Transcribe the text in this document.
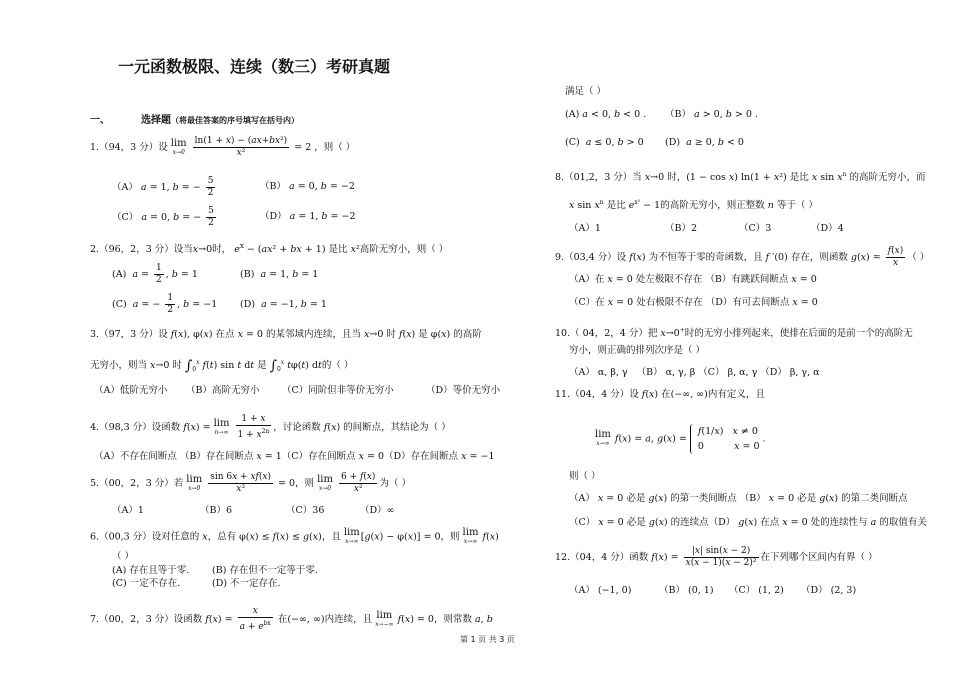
一元函数极限、连续（数三）考研真题
一、	选择题（将最佳答案的序号填写在括号内）
1.（94，3 分）设 lim
x→0
$\frac{\text{ln(1 + x) − (ax+bx²)}}{\text{x²}} = 2$ ，则（ ）
（A） a = 1, b = − $\frac{5}{2}$	（B） a = 0, b = −2
（C） a = 0, b = − $\frac{5}{2}$	（D） a = 1, b = −2
2.（96，2，3 分）设当x→0时， $e^x - (ax^2$ + bx + 1) 是比 x²高阶无穷小，则（ ）
(A)  $a = \frac{1}{2}$ , b = 1	(B)  a = 1, b = 1
(C)  a = − $\frac{1}{2}$ , b = −1 (D)  a = −1, b = 1
3.（97，3 分）设 f(x), φ(x) 在点 x = 0 的某邻域内连续，且当 x→0 时 f(x) 是 φ(x) 的高阶
无穷小，则当 x→0 时 $\int_0^x$ f(t) sin t dt 是 $\int_0^x$ tφ(t) dt的（ ）
（A）低阶无穷小 （B）高阶无穷小 （C）同阶但非等价无穷小	（D）等价无穷小
4.（98,3 分）设函数 f(x) = lim
n→∞
$\frac{1 + x}{1 + x^{2n}}$ ，讨论函数 f(x) 的间断点，其结论为（ ）
（A）不存在间断点 （B）存在间断点 x = 1（C）存在间断点 x = 0（D）存在间断点 x = −1
5.（00，2，3 分）若 lim
x→0
$\frac{\sin 6x + xf(x)}{\text{x³}} = 0$，则 lim
x→0
$\frac{6 + f(x)}{\text{x²}}$ 为（ ）
（A）1	（B）6	（C）36	（D）∞
6.（00,3 分）设对任意的 x，总有 φ(x) ≤ f(x) ≤ g(x)，且 lim
x→∞ [g(x) − φ(x)] = 0，则 lim
x→∞ f(x)
（ ）
(A) 存在且等于零. (B) 存在但不一定等于零.
(C) 一定不存在.	(D) 不一定存在.
7.（00，2，3 分）设函数 $f(x) = \frac{x}{a + e^{bx}}$ 在(−∞, ∞)内连续，且 lim
x→−∞ f(x) = 0，则常数 a, b
满足（ ）
(A) a < 0, b < 0 . （B） a > 0, b > 0 .
(C)  a ≤ 0, b > 0 (D)  a ≥ 0, b < 0
8.（01,2，3 分）当 x→0 时，(1 − cos x) ln(1 + x²) 是比 x $\sin x^n$ 的高阶无穷小，而
x $\sin x^n$ 是比 $e^{x^2} - 1$的高阶无穷小，则正整数 n 等于（ ）
（A）1	（B）2	（C）3	（D）4
9.（03,4 分）设 f(x) 为不恒等于零的奇函数，且 f ′(0) 存在，则函数 $g(x) = \frac{f(x)}{x}$ （ ）
（A）在 x = 0 处左极限不存在 （B）有跳跃间断点 x = 0
（C）在 x = 0 处右极限不存在 （D）有可去间断点 x = 0
10.（ 04，2，4 分）把 x→0+时的无穷小排列起来，使排在后面的是前一个的高阶无
穷小，则正确的排列次序是（ ）
（A） α, β, γ   （B） α, γ, β （C） β, α, γ （D） β, γ, α
11.（04，4 分）设 f(x) 在(−∞, ∞)内有定义，且
lim
x→∞ f(x) = a, g(x) =
f(1/x)   x ≠ 0
0          x = 0
.
则（ ）
（A） x = 0 必是 g(x) 的第一类间断点 （B） x = 0 必是 g(x) 的第二类间断点
（C） x = 0 必是 g(x) 的连续点（D） g(x) 在点 x = 0 处的连续性与 a 的取值有关
12.（04，4 分）函数 $f(x) = \frac{|x| \sin(x - 2)}{\text{x(x − 1)(x − 2)²}}$ 在下列哪个区间内有界（ ）
（A） (−1, 0)	（B） (0, 1) （C） (1, 2) （D） (2, 3)
第 1 页 共 3 页
